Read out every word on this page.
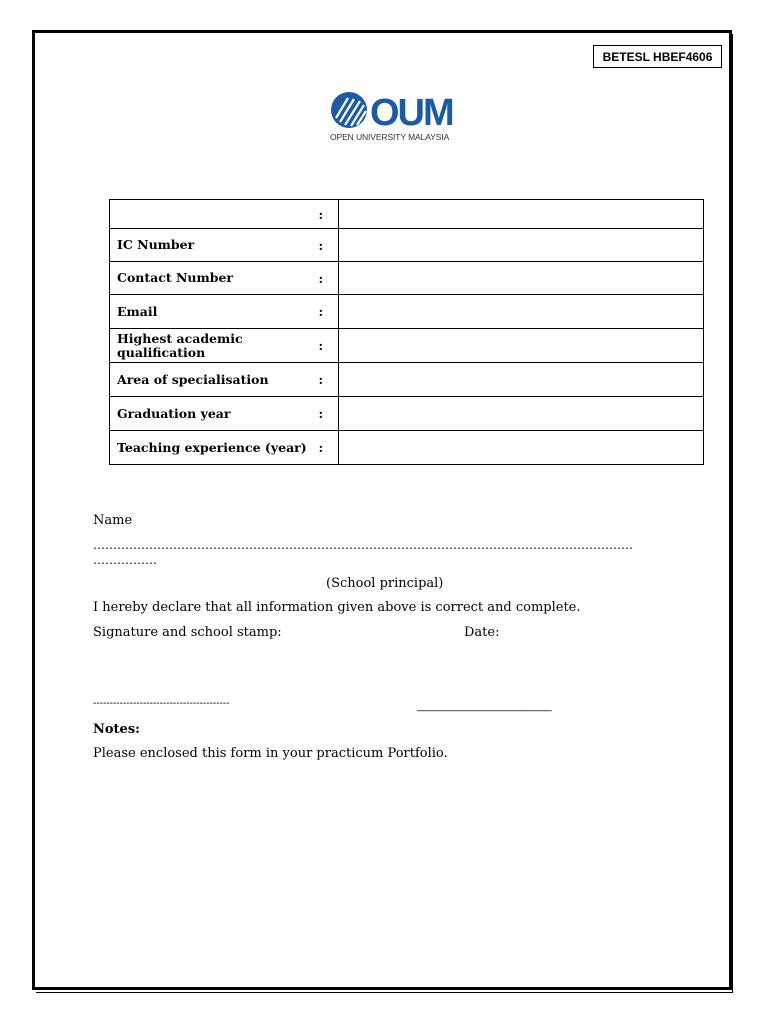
BETESL HBEF4606
OUM
OPEN UNIVERSITY MALAYSIA
	:	
IC Number	:	
Contact Number	:	
Email	:	
Highest academic qualification	:	
Area of specialisation	:	
Graduation year	:	
Teaching experience (year)	:	
Name
………………………………………………………………………………………………………………………
…………….
(School principal)
I hereby declare that all information given above is correct and complete.
Signature and school stamp:	Date:
-----------------------------------------	______________________
Notes:
Please enclosed this form in your practicum Portfolio.
